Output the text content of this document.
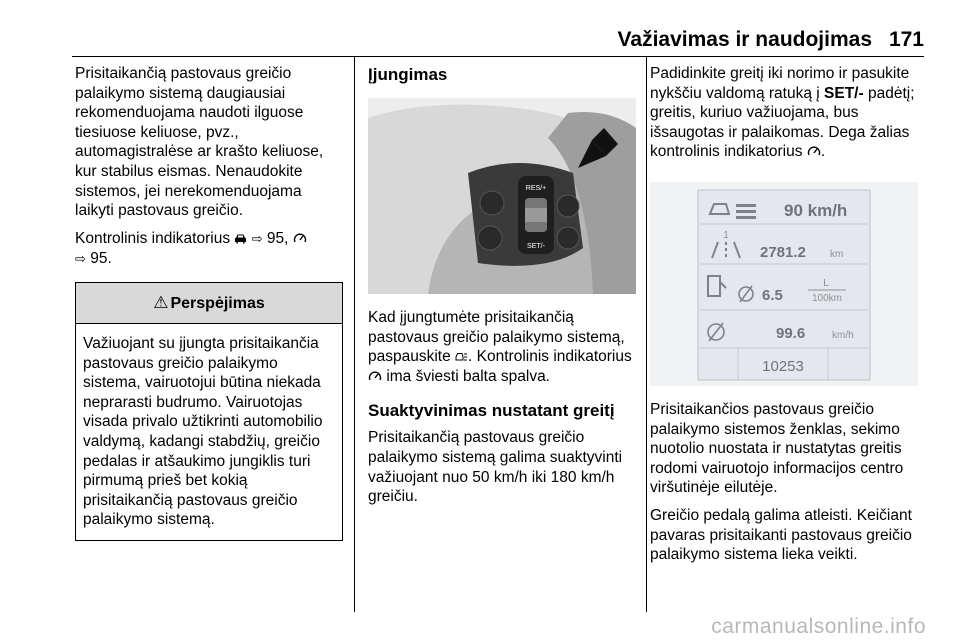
Važiavimas ir naudojimas 171

Prisitaikančią pastovaus greičio palaikymo sistemą daugiausiai rekomenduojama naudoti ilguose tiesiuose keliuose, pvz., automagistralėse ar krašto keliuose, kur stabilus eismas. Nenaudokite sistemos, jei nerekomenduojama laikyti pastovaus greičio.

Kontrolinis indikatorius ⇨ 95,
⇨ 95.

⚠ Perspėjimas
Važiuojant su įjungta prisitaikančia pastovaus greičio palaikymo sistema, vairuotojui būtina niekada neprarasti budrumo. Vairuotojas visada privalo užtikrinti automobilio valdymą, kadangi stabdžių, greičio pedalas ir atšaukimo jungiklis turi pirmumą prieš bet kokią prisitaikančią pastovaus greičio palaikymo sistemą.
Įjungimas
RES/+
SET/-

Kad įjungtumėte prisitaikančią pastovaus greičio palaikymo sistemą, paspauskite . Kontrolinis indikatorius  ima šviesti balta spalva.

Suaktyvinimas nustatant greitį

Prisitaikančią pastovaus greičio palaikymo sistemą galima suaktyvinti važiuojant nuo 50 km/h iki 180 km/h greičiu.

Padidinkite greitį iki norimo ir pasukite nykščiu valdomą ratuką į SET/- padėtį; greitis, kuriuo važiuojama, bus išsaugotas ir palaikomas. Dega žalias kontrolinis indikatorius .

90 km/h
1
2781.2 km
6.5
L
100km
99.6	km/h
10253

Prisitaikančios pastovaus greičio palaikymo sistemos ženklas, sekimo nuotolio nuostata ir nustatytas greitis rodomi vairuotojo informacijos centro viršutinėje eilutėje.

Greičio pedalą galima atleisti. Keičiant pavaras prisitaikanti pastovaus greičio palaikymo sistema lieka veikti.

carmanualsonline.info
